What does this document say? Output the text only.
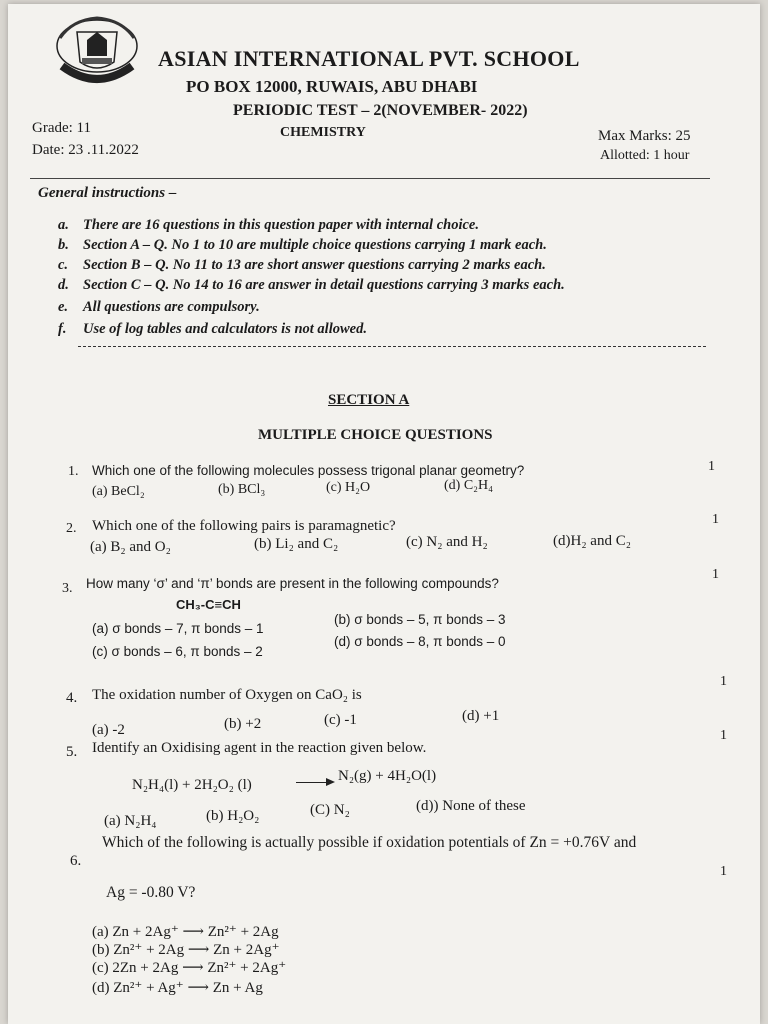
ASIAN INTERNATIONAL PVT. SCHOOL
PO BOX 12000, RUWAIS, ABU DHABI
PERIODIC TEST – 2(NOVEMBER- 2022)
Grade: 11
Date: 23 .11.2022
CHEMISTRY	Max Marks: 25
Allotted: 1 hour
General instructions –
a. There are 16 questions in this question paper with internal choice.
b. Section A – Q. No 1 to 10 are multiple choice questions carrying 1 mark each.
c. Section B – Q. No 11 to 13 are short answer questions carrying 2 marks each.
d. Section C – Q. No 14 to 16 are answer in detail questions carrying 3 marks each.
e. All questions are compulsory.
f. Use of log tables and calculators is not allowed.
SECTION A
MULTIPLE CHOICE QUESTIONS
1. Which one of the following molecules possess trigonal planar geometry?	1
(a) BeCl₂	(b) BCl₃	(c) H₂O	(d) C₂H₄
2. Which one of the following pairs is paramagnetic?	1
(a) B₂ and O₂	(b) Li₂ and C₂	(c) N₂ and H₂	(d)H₂ and C₂
3. How many ‘σ’ and ‘π’ bonds are present in the following compounds?
1
CH₃-C≡CH
(a) σ bonds – 7, π bonds – 1
(b) σ bonds – 5, π bonds – 3
(c) σ bonds – 6, π bonds – 2
(d) σ bonds – 8, π bonds – 0
4. The oxidation number of Oxygen on CaO₂ is
1
(a) -2	(b) +2	(c) -1	(d) +1
5. Identify an Oxidising agent in the reaction given below.
1
N₂H₄(l) + 2H₂O₂ (l)
N₂(g) + 4H₂O(l)
(a) N₂H₄	(b) H₂O₂	(C) N₂	(d)) None of these
6.
Which of the following is actually possible if oxidation potentials of Zn = +0.76V and
Ag = -0.80 V?
1
(a) Zn + 2Ag⁺ ⟶ Zn²⁺ + 2Ag
(b) Zn²⁺ + 2Ag ⟶ Zn + 2Ag⁺
(c) 2Zn + 2Ag ⟶ Zn²⁺ + 2Ag⁺
(d) Zn²⁺ + Ag⁺ ⟶ Zn + Ag
